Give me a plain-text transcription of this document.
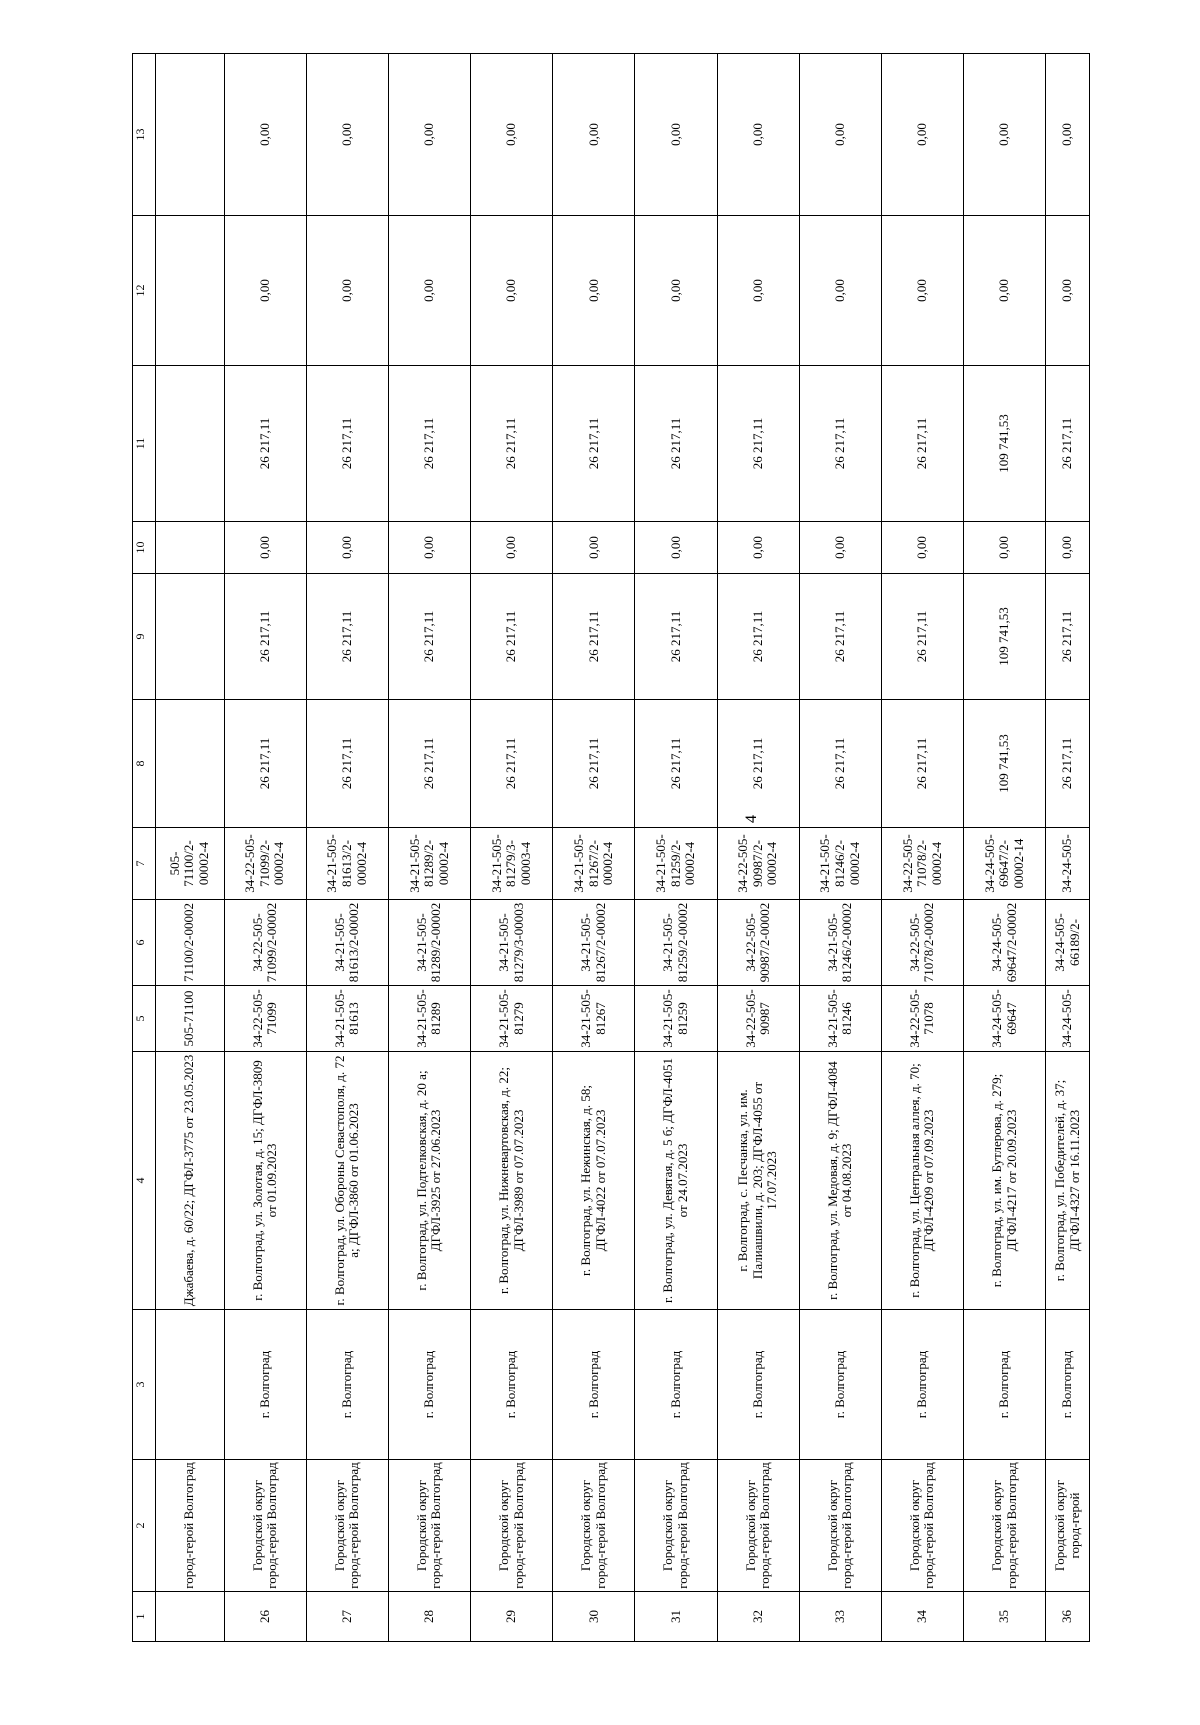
4
1	2	3	4	5	6	7	8	9	10	11	12	13
	город-герой Волгоград		Джабаева, д. 60/22; ДГФЛ-3775 от 23.05.2023	505-71100	71100/2-00002	505-71100/2-00002-4						
26	Городской округ город-герой Волгоград	г. Волгоград	г. Волгоград, ул. Золотая, д. 15; ДГФЛ-3809 от 01.09.2023	34-22-505-71099	34-22-505-71099/2-00002	34-22-505-71099/2-00002-4	26 217,11	26 217,11	0,00	26 217,11	0,00	0,00
27	Городской округ город-герой Волгоград	г. Волгоград	г. Волгоград, ул. Обороны Севастополя, д. 72 а; ДГФЛ-3860 от 01.06.2023	34-21-505-81613	34-21-505-81613/2-00002	34-21-505-81613/2-00002-4	26 217,11	26 217,11	0,00	26 217,11	0,00	0,00
28	Городской округ город-герой Волгоград	г. Волгоград	г. Волгоград, ул. Подтелковская, д. 20 а; ДГФЛ-3925 от 27.06.2023	34-21-505-81289	34-21-505-81289/2-00002	34-21-505-81289/2-00002-4	26 217,11	26 217,11	0,00	26 217,11	0,00	0,00
29	Городской округ город-герой Волгоград	г. Волгоград	г. Волгоград, ул. Нижневартовская, д. 22; ДГФЛ-3989 от 07.07.2023	34-21-505-81279	34-21-505-81279/3-00003	34-21-505-81279/3-00003-4	26 217,11	26 217,11	0,00	26 217,11	0,00	0,00
30	Городской округ город-герой Волгоград	г. Волгоград	г. Волгоград, ул. Нежинская, д. 58; ДГФЛ-4022 от 07.07.2023	34-21-505-81267	34-21-505-81267/2-00002	34-21-505-81267/2-00002-4	26 217,11	26 217,11	0,00	26 217,11	0,00	0,00
31	Городской округ город-герой Волгоград	г. Волгоград	г. Волгоград, ул. Девятая, д. 5 б; ДГФЛ-4051 от 24.07.2023	34-21-505-81259	34-21-505-81259/2-00002	34-21-505-81259/2-00002-4	26 217,11	26 217,11	0,00	26 217,11	0,00	0,00
32	Городской округ город-герой Волгоград	г. Волгоград	г. Волгоград, с. Песчанка, ул. им. Палиашвили, д. 203; ДГФЛ-4055 от 17.07.2023	34-22-505-90987	34-22-505-90987/2-00002	34-22-505-90987/2-00002-4	26 217,11	26 217,11	0,00	26 217,11	0,00	0,00
33	Городской округ город-герой Волгоград	г. Волгоград	г. Волгоград, ул. Медовая, д. 9; ДГФЛ-4084 от 04.08.2023	34-21-505-81246	34-21-505-81246/2-00002	34-21-505-81246/2-00002-4	26 217,11	26 217,11	0,00	26 217,11	0,00	0,00
34	Городской округ город-герой Волгоград	г. Волгоград	г. Волгоград, ул. Центральная аллея, д. 70; ДГФЛ-4209 от 07.09.2023	34-22-505-71078	34-22-505-71078/2-00002	34-22-505-71078/2-00002-4	26 217,11	26 217,11	0,00	26 217,11	0,00	0,00
35	Городской округ город-герой Волгоград	г. Волгоград	г. Волгоград, ул. им. Бутлерова, д. 279; ДГФЛ-4217 от 20.09.2023	34-24-505-69647	34-24-505-69647/2-00002	34-24-505-69647/2-00002-14	109 741,53	109 741,53	0,00	109 741,53	0,00	0,00
36	Городской округ город-герой	г. Волгоград	г. Волгоград, ул. Победителей, д. 37; ДГФЛ-4327 от 16.11.2023	34-24-505-	34-24-505-66189/2-	34-24-505-	26 217,11	26 217,11	0,00	26 217,11	0,00	0,00
